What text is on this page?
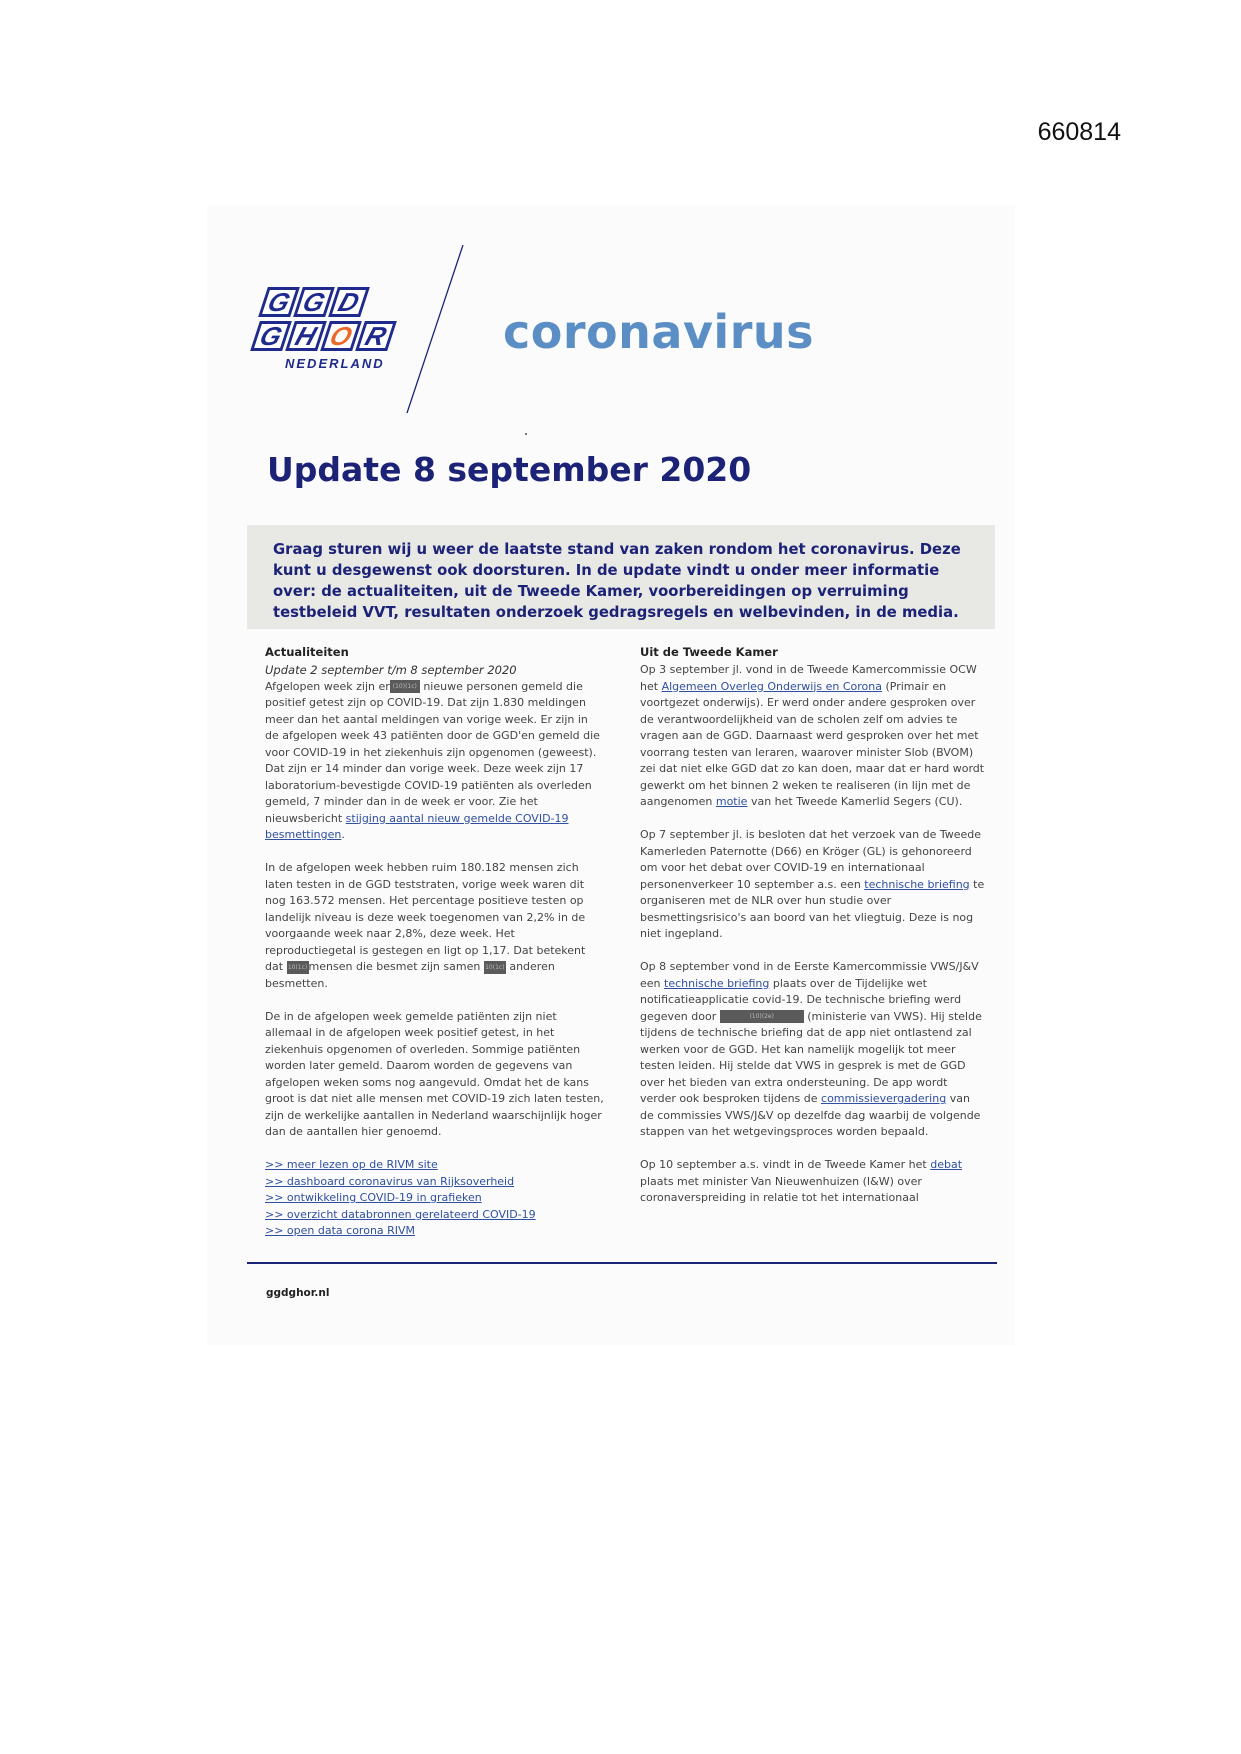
660814
G G D
G H O R
NEDERLAND
coronavirus
Update 8 september 2020

Graag sturen wij u weer de laatste stand van zaken rondom het coronavirus. Deze kunt u desgewenst ook doorsturen. In de update vindt u onder meer informatie over: de actualiteiten, uit de Tweede Kamer, voorbereidingen op verruiming testbeleid VVT, resultaten onderzoek gedragsregels en welbevinden, in de media.

Actualiteiten

Update 2 september t/m 8 september 2020

Afgelopen week zijn er (10)(1c) nieuwe personen gemeld die positief getest zijn op COVID-19. Dat zijn 1.830 meldingen meer dan het aantal meldingen van vorige week. Er zijn in de afgelopen week 43 patiënten door de GGD'en gemeld die voor COVID-19 in het ziekenhuis zijn opgenomen (geweest). Dat zijn er 14 minder dan vorige week. Deze week zijn 17 laboratorium-bevestigde COVID-19 patiënten als overleden gemeld, 7 minder dan in de week er voor. Zie het nieuwsbericht stijging aantal nieuw gemelde COVID-19 besmettingen.

In de afgelopen week hebben ruim 180.182 mensen zich laten testen in de GGD teststraten, vorige week waren dit nog 163.572 mensen. Het percentage positieve testen op landelijk niveau is deze week toegenomen van 2,2% in de voorgaande week naar 2,8%, deze week. Het reproductiegetal is gestegen en ligt op 1,17. Dat betekent dat 10(1c)mensen die besmet zijn samen 10(1c) anderen besmetten.

De in de afgelopen week gemelde patiënten zijn niet allemaal in de afgelopen week positief getest, in het ziekenhuis opgenomen of overleden. Sommige patiënten worden later gemeld. Daarom worden de gegevens van afgelopen weken soms nog aangevuld. Omdat het de kans groot is dat niet alle mensen met COVID-19 zich laten testen, zijn de werkelijke aantallen in Nederland waarschijnlijk hoger dan de aantallen hier genoemd.

>> meer lezen op de RIVM site
>> dashboard coronavirus van Rijksoverheid
>> ontwikkeling COVID-19 in grafieken
>> overzicht databronnen gerelateerd COVID-19
>> open data corona RIVM
Uit de Tweede Kamer

Op 3 september jl. vond in de Tweede Kamercommissie OCW het Algemeen Overleg Onderwijs en Corona (Primair en voortgezet onderwijs). Er werd onder andere gesproken over de verantwoordelijkheid van de scholen zelf om advies te vragen aan de GGD. Daarnaast werd gesproken over het met voorrang testen van leraren, waarover minister Slob (BVOM) zei dat niet elke GGD dat zo kan doen, maar dat er hard wordt gewerkt om het binnen 2 weken te realiseren (in lijn met de aangenomen motie van het Tweede Kamerlid Segers (CU).

Op 7 september jl. is besloten dat het verzoek van de Tweede Kamerleden Paternotte (D66) en Kröger (GL) is gehonoreerd om voor het debat over COVID-19 en internationaal personenverkeer 10 september a.s. een technische briefing te organiseren met de NLR over hun studie over besmettingsrisico's aan boord van het vliegtuig. Deze is nog niet ingepland.

Op 8 september vond in de Eerste Kamercommissie VWS/J&V een technische briefing plaats over de Tijdelijke wet notificatieapplicatie covid-19. De technische briefing werd gegeven door	(10)(2e)	(ministerie van VWS). Hij stelde tijdens de technische briefing dat de app niet ontlastend zal werken voor de GGD. Het kan namelijk mogelijk tot meer testen leiden. Hij stelde dat VWS in gesprek is met de GGD over het bieden van extra ondersteuning. De app wordt verder ook besproken tijdens de commissievergadering van de commissies VWS/J&V op dezelfde dag waarbij de volgende stappen van het wetgevingsproces worden bepaald.

Op 10 september a.s. vindt in de Tweede Kamer het debat plaats met minister Van Nieuwenhuizen (I&W) over coronaverspreiding in relatie tot het internationaal

ggdghor.nl
